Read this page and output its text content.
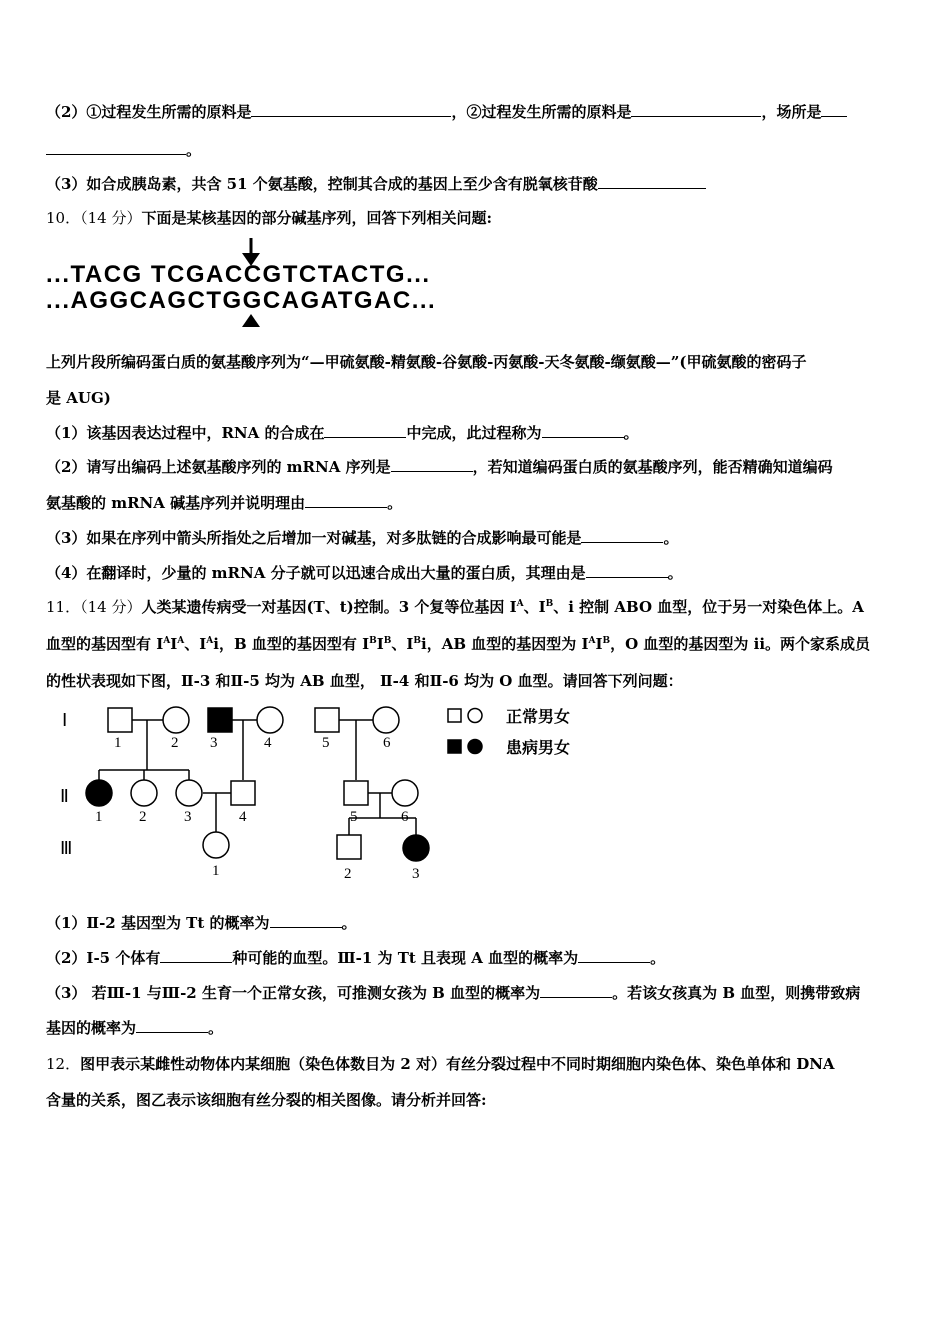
（2）①过程发生所需的原料是	，②过程发生所需的原料是	，场所是
。
（3）如合成胰岛素，共含 51 个氨基酸，控制其合成的基因上至少含有脱氧核苷酸
10．（14 分）下面是某核基因的部分碱基序列，回答下列相关问题:
...TACG TCGACCGTCTACTG...
...AGGCAGCTGGCAGATGAC...
上列片段所编码蛋白质的氨基酸序列为“—甲硫氨酸-精氨酸-谷氨酸-丙氨酸-天冬氨酸-缬氨酸—”(甲硫氨酸的密码子
是 AUG)
（1）该基因表达过程中，RNA 的合成在	中完成，此过程称为	。
（2）请写出编码上述氨基酸序列的 mRNA 序列是	，若知道编码蛋白质的氨基酸序列，能否精确知道编码
氨基酸的 mRNA 碱基序列并说明理由	。
（3）如果在序列中箭头所指处之后增加一对碱基，对多肽链的合成影响最可能是	。
（4）在翻译时，少量的 mRNA 分子就可以迅速合成出大量的蛋白质，其理由是	。
11．（14 分）人类某遗传病受一对基因(T、t)控制。3 个复等位基因 $I^A$、$I^B$、i 控制 ABO 血型，位于另一对染色体上。A
血型的基因型有 $I^AI^A$、$I^Ai$，B 血型的基因型有 $I^BI^B$、$I^Bi$，AB 血型的基因型为 $I^AI^B$，O 血型的基因型为 ii。两个家系成员
的性状表现如下图，Ⅱ-3 和Ⅱ-5 均为 AB 血型， Ⅱ-4 和Ⅱ-6 均为 O 血型。请回答下列问题：
Ⅰ
Ⅱ
Ⅲ
1	2 3	4	5	6
1 2	3	4	5	6
1	2	3
正常男女
患病男女
（1）Ⅱ-2 基因型为 Tt 的概率为	。
（2）Ⅰ-5 个体有	种可能的血型。Ⅲ-1 为 Tt 且表现 A 血型的概率为	。
（3） 若Ⅲ-1 与Ⅲ-2 生育一个正常女孩，可推测女孩为 B 血型的概率为	。若该女孩真为 B 血型，则携带致病
基因的概率为	。
12．图甲表示某雌性动物体内某细胞（染色体数目为 2 对）有丝分裂过程中不同时期细胞内染色体、染色单体和 DNA
含量的关系，图乙表示该细胞有丝分裂的相关图像。请分析并回答:
